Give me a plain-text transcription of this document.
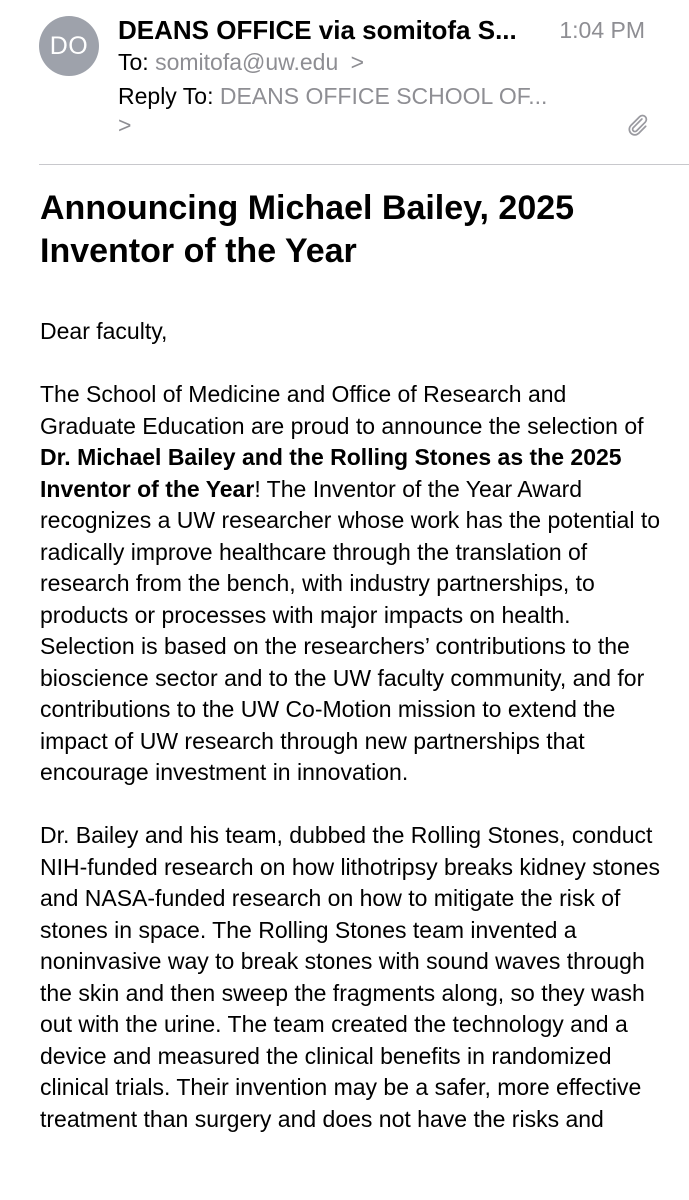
DO
DEANS OFFICE via somitofa S...	1:04 PM
To: somitofa@uw.edu >
Reply To: DEANS OFFICE SCHOOL OF...
>
Announcing Michael Bailey, 2025 Inventor of the Year

Dear faculty,

The School of Medicine and Office of Research and Graduate Education are proud to announce the selection of Dr. Michael Bailey and the Rolling Stones as the 2025 Inventor of the Year! The Inventor of the Year Award recognizes a UW researcher whose work has the potential to radically improve healthcare through the translation of research from the bench, with industry partnerships, to products or processes with major impacts on health. Selection is based on the researchers’ contributions to the bioscience sector and to the UW faculty community, and for contributions to the UW Co-Motion mission to extend the impact of UW research through new partnerships that encourage investment in innovation.

Dr. Bailey and his team, dubbed the Rolling Stones, conduct NIH-funded research on how lithotripsy breaks kidney stones and NASA-funded research on how to mitigate the risk of stones in space. The Rolling Stones team invented a noninvasive way to break stones with sound waves through the skin and then sweep the fragments along, so they wash out with the urine. The team created the technology and a device and measured the clinical benefits in randomized clinical trials. Their invention may be a safer, more effective treatment than surgery and does not have the risks and
